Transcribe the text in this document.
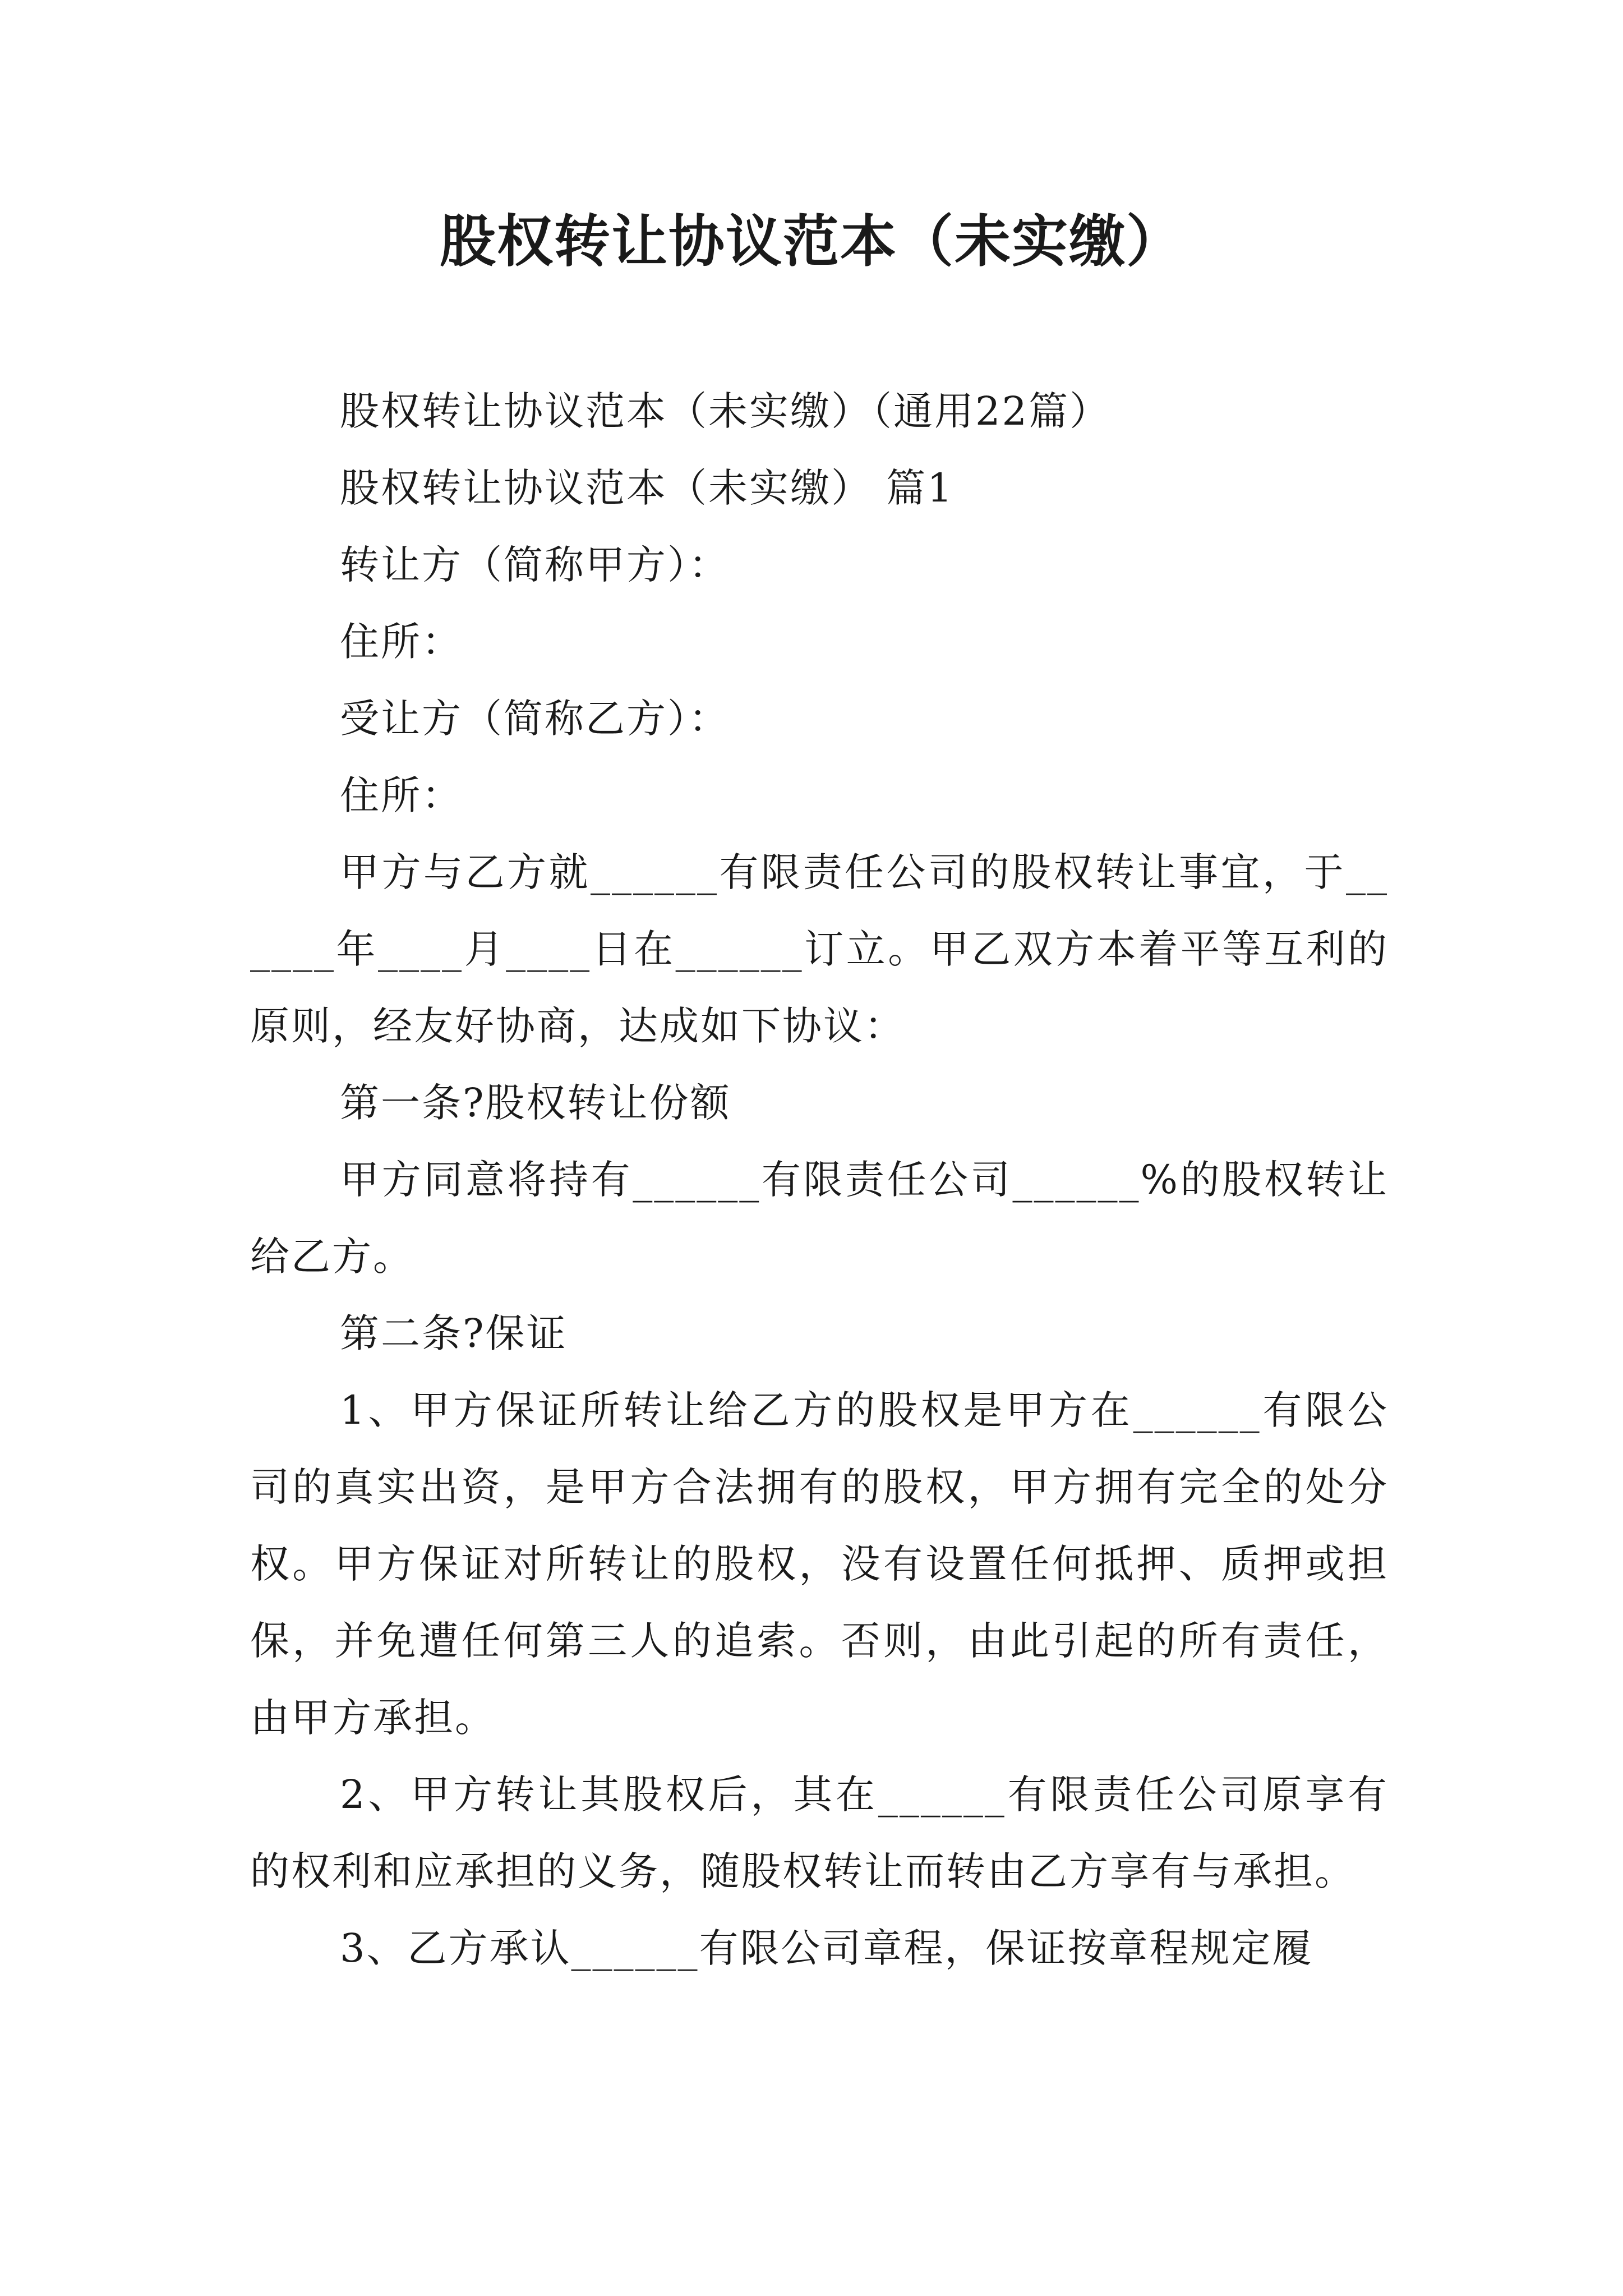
股权转让协议范本（未实缴）

股权转让协议范本（未实缴）（通用22篇）

股权转让协议范本（未实缴） 篇1

转让方（简称甲方）：

住所：

受让方（简称乙方）：

住所：

甲方与乙方就______有限责任公司的股权转让事宜，于______年____月____日在______订立。甲乙双方本着平等互利的原则，经友好协商，达成如下协议：

第一条?股权转让份额

甲方同意将持有______有限责任公司______%的股权转让给乙方。

第二条?保证

1、甲方保证所转让给乙方的股权是甲方在______有限公司的真实出资，是甲方合法拥有的股权，甲方拥有完全的处分权。甲方保证对所转让的股权，没有设置任何抵押、质押或担保，并免遭任何第三人的追索。否则，由此引起的所有责任，由甲方承担。

2、甲方转让其股权后，其在______有限责任公司原享有的权利和应承担的义务，随股权转让而转由乙方享有与承担。

3、乙方承认______有限公司章程，保证按章程规定履
